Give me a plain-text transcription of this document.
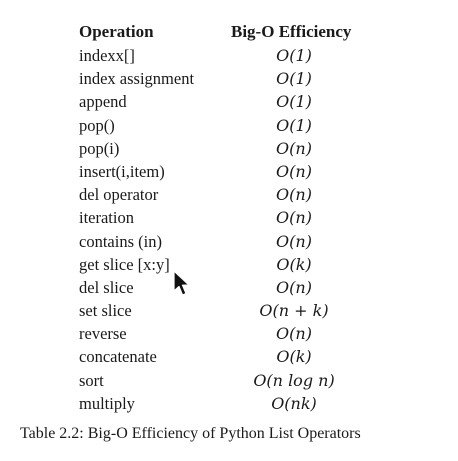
Operation	Big-O Efficiency
indexx[]	O(1)
index assignment	O(1)
append	O(1)
pop()	O(1)
pop(i)	O(n)
insert(i,item)	O(n)
del operator	O(n)
iteration	O(n)
contains (in)	O(n)
get slice [x:y]	O(k)
del slice	O(n)
set slice	O(n + k)
reverse	O(n)
concatenate	O(k)
sort	O(n log n)
multiply	O(nk)
Table 2.2: Big-O Efficiency of Python List Operators
